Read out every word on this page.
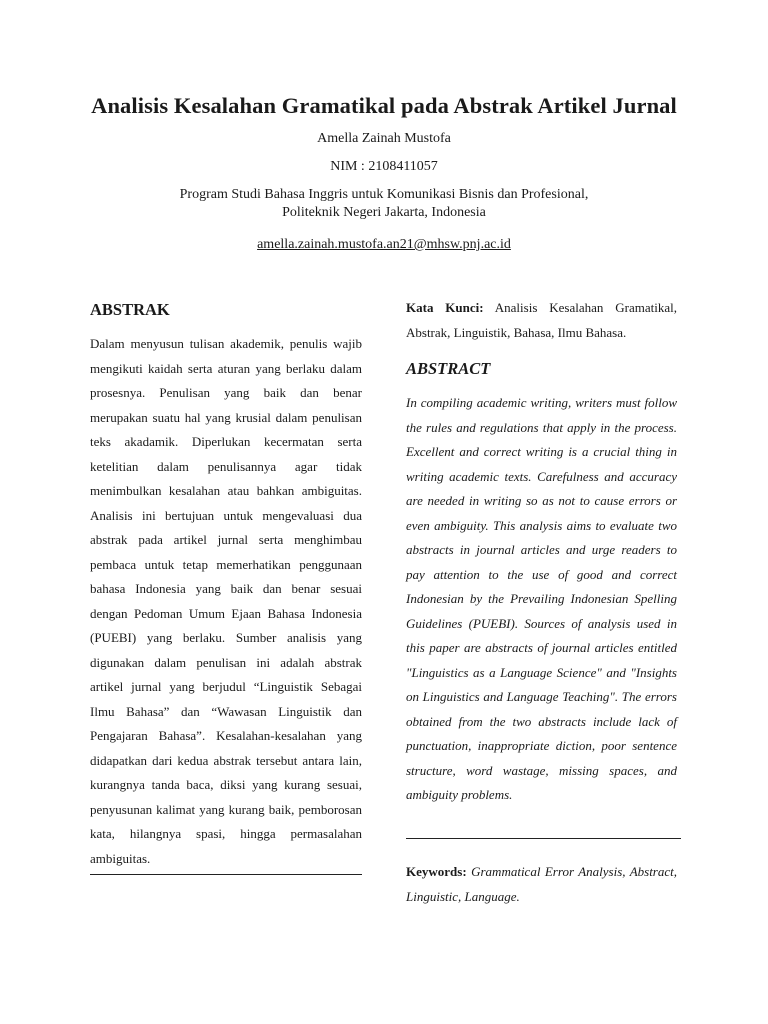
Analisis Kesalahan Gramatikal pada Abstrak Artikel Jurnal

Amella Zainah Mustofa

NIM : 2108411057

Program Studi Bahasa Inggris untuk Komunikasi Bisnis dan Profesional,

Politeknik Negeri Jakarta, Indonesia

amella.zainah.mustofa.an21@mhsw.pnj.ac.id

ABSTRAK

Dalam menyusun tulisan akademik, penulis wajib mengikuti kaidah serta aturan yang berlaku dalam prosesnya. Penulisan yang baik dan benar merupakan suatu hal yang krusial dalam penulisan teks akadamik. Diperlukan kecermatan serta ketelitian dalam penulisannya agar tidak menimbulkan kesalahan atau bahkan ambiguitas. Analisis ini bertujuan untuk mengevaluasi dua abstrak pada artikel jurnal serta menghimbau pembaca untuk tetap memerhatikan penggunaan bahasa Indonesia yang baik dan benar sesuai dengan Pedoman Umum Ejaan Bahasa Indonesia (PUEBI) yang berlaku. Sumber analisis yang digunakan dalam penulisan ini adalah abstrak artikel jurnal yang berjudul “Linguistik Sebagai Ilmu Bahasa” dan “Wawasan Linguistik dan Pengajaran Bahasa”. Kesalahan-kesalahan yang didapatkan dari kedua abstrak tersebut antara lain, kurangnya tanda baca, diksi yang kurang sesuai, penyusunan kalimat yang kurang baik, pemborosan kata, hilangnya spasi, hingga permasalahan ambiguitas.

Kata Kunci: Analisis Kesalahan Gramatikal, Abstrak, Linguistik, Bahasa, Ilmu Bahasa.

ABSTRACT

In compiling academic writing, writers must follow the rules and regulations that apply in the process. Excellent and correct writing is a crucial thing in writing academic texts. Carefulness and accuracy are needed in writing so as not to cause errors or even ambiguity. This analysis aims to evaluate two abstracts in journal articles and urge readers to pay attention to the use of good and correct Indonesian by the Prevailing Indonesian Spelling Guidelines (PUEBI). Sources of analysis used in this paper are abstracts of journal articles entitled "Linguistics as a Language Science" and "Insights on Linguistics and Language Teaching". The errors obtained from the two abstracts include lack of punctuation, inappropriate diction, poor sentence structure, word wastage, missing spaces, and ambiguity problems.

Keywords: Grammatical Error Analysis, Abstract, Linguistic, Language.
